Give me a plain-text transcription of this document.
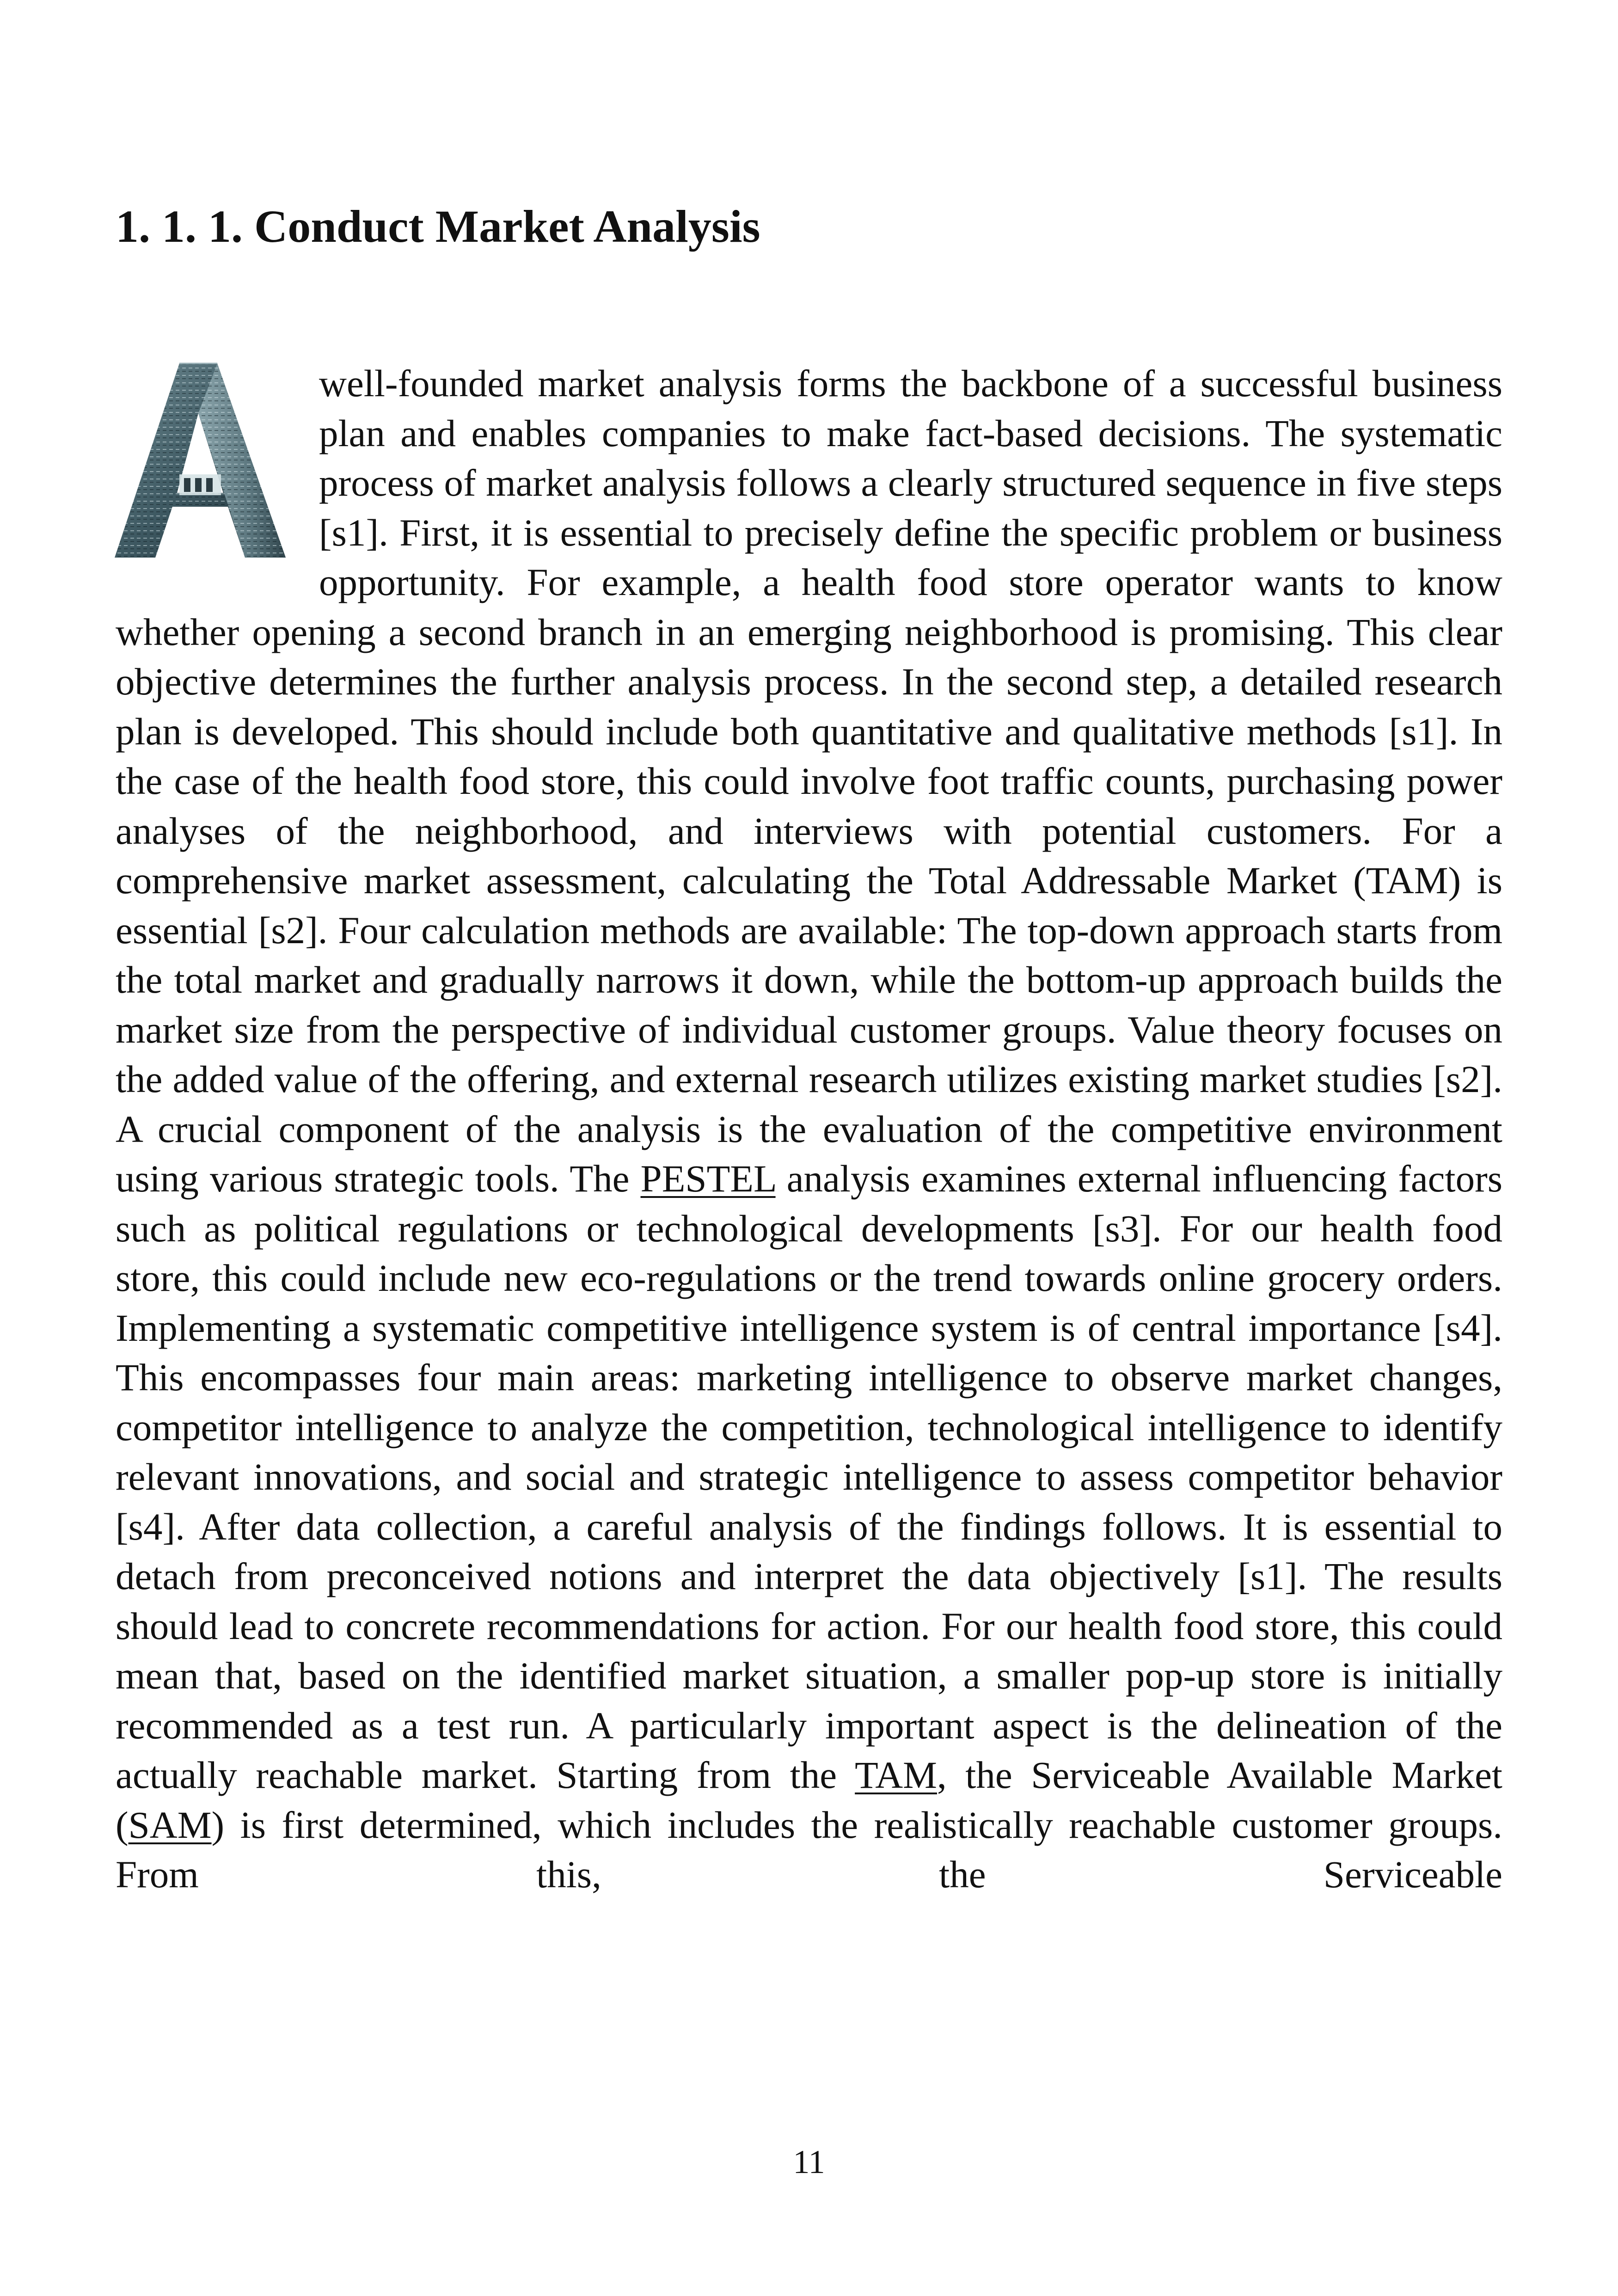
1. 1. 1. Conduct Market Analysis

well-founded market analysis forms the backbone of a successful business plan and enables companies to make fact-based decisions. The systematic process of market analysis follows a clearly structured sequence in five steps [s1]. First, it is essential to precisely define the specific problem or business opportunity. For example, a health food store operator wants to know whether opening a second branch in an emerging neighborhood is promising. This clear objective determines the further analysis process. In the second step, a detailed research plan is developed. This should include both quantitative and qualitative methods [s1]. In the case of the health food store, this could involve foot traffic counts, purchasing power analyses of the neighborhood, and interviews with potential customers. For a comprehensive market assessment, calculating the Total Addressable Market (TAM) is essential [s2]. Four calculation methods are available: The top-down approach starts from the total market and gradually narrows it down, while the bottom-up approach builds the market size from the perspective of individual customer groups. Value theory focuses on the added value of the offering, and external research utilizes existing market studies [s2]. A crucial component of the analysis is the evaluation of the competitive environment using various strategic tools. The PESTEL analysis examines external influencing factors such as political regulations or technological developments [s3]. For our health food store, this could include new eco-regulations or the trend towards online grocery orders. Implementing a systematic competitive intelligence system is of central importance [s4]. This encompasses four main areas: marketing intelligence to observe market changes, competitor intelligence to analyze the competition, technological intelligence to identify relevant innovations, and social and strategic intelligence to assess competitor behavior [s4]. After data collection, a careful analysis of the findings follows. It is essential to detach from preconceived notions and interpret the data objectively [s1]. The results should lead to concrete recommendations for action. For our health food store, this could mean that, based on the identified market situation, a smaller pop-up store is initially recommended as a test run. A particularly important aspect is the delineation of the actually reachable market. Starting from the TAM, the Serviceable Available Market (SAM) is first determined, which includes the realistically reachable customer groups. From this, the Serviceable

11
